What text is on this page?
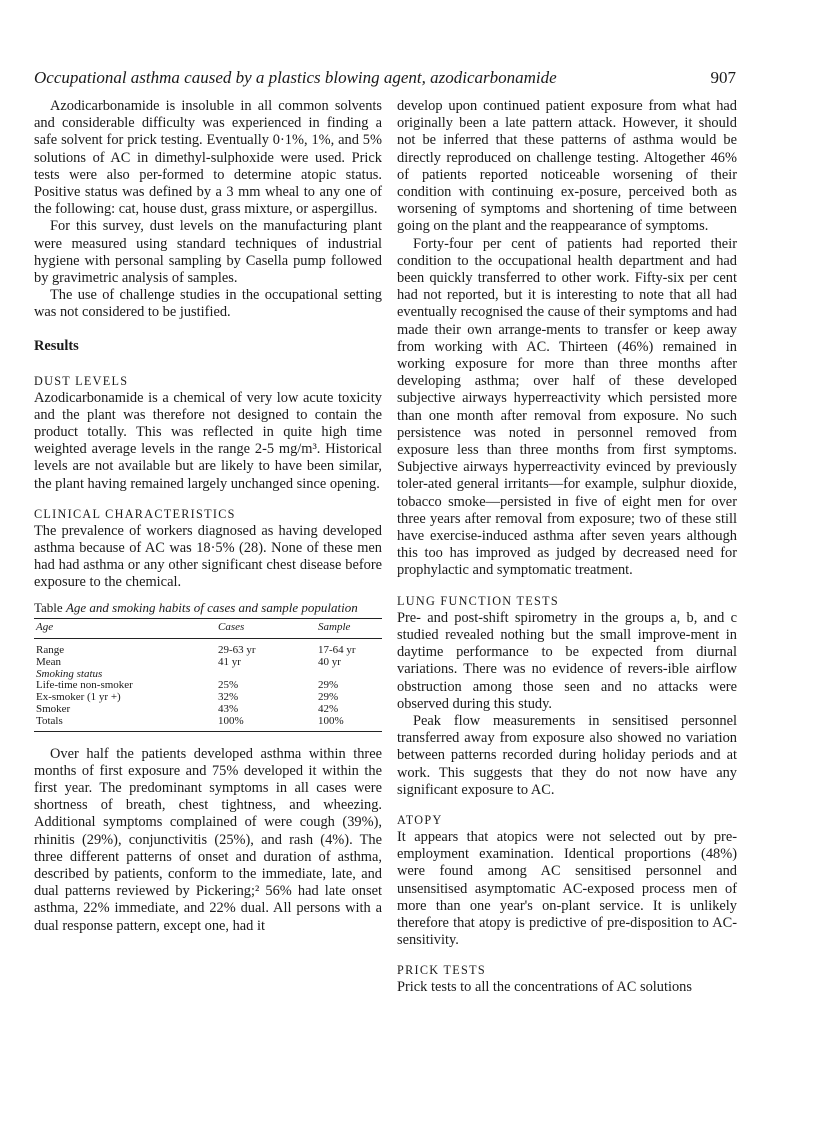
Occupational asthma caused by a plastics blowing agent, azodicarbonamide	907

Azodicarbonamide is insoluble in all common solvents and considerable difficulty was experienced in finding a safe solvent for prick testing. Eventually 0·1%, 1%, and 5% solutions of AC in dimethyl-sulphoxide were used. Prick tests were also per-formed to determine atopic status. Positive status was defined by a 3 mm wheal to any one of the following: cat, house dust, grass mixture, or aspergillus.

For this survey, dust levels on the manufacturing plant were measured using standard techniques of industrial hygiene with personal sampling by Casella pump followed by gravimetric analysis of samples.

The use of challenge studies in the occupational setting was not considered to be justified.

Results
DUST LEVELS

Azodicarbonamide is a chemical of very low acute toxicity and the plant was therefore not designed to contain the product totally. This was reflected in quite high time weighted average levels in the range 2-5 mg/m³. Historical levels are not available but are likely to have been similar, the plant having remained largely unchanged since opening.

CLINICAL CHARACTERISTICS

The prevalence of workers diagnosed as having developed asthma because of AC was 18·5% (28). None of these men had had asthma or any other significant chest disease before exposure to the chemical.

Table Age and smoking habits of cases and sample population
Age	Cases	Sample
Range	29-63 yr	17-64 yr
Mean	41 yr	40 yr
Smoking status		
Life-time non-smoker	25%	29%
Ex-smoker (1 yr +)	32%	29%
Smoker	43%	42%
Totals	100%	100%

Over half the patients developed asthma within three months of first exposure and 75% developed it within the first year. The predominant symptoms in all cases were shortness of breath, chest tightness, and wheezing. Additional symptoms complained of were cough (39%), rhinitis (29%), conjunctivitis (25%), and rash (4%). The three different patterns of onset and duration of asthma, described by patients, conform to the immediate, late, and dual patterns reviewed by Pickering;² 56% had late onset asthma, 22% immediate, and 22% dual. All persons with a dual response pattern, except one, had it

develop upon continued patient exposure from what had originally been a late pattern attack. However, it should not be inferred that these patterns of asthma would be directly reproduced on challenge testing. Altogether 46% of patients reported noticeable worsening of their condition with continuing ex-posure, perceived both as worsening of symptoms and shortening of time between going on the plant and the reappearance of symptoms.

Forty-four per cent of patients had reported their condition to the occupational health department and had been quickly transferred to other work. Fifty-six per cent had not reported, but it is interesting to note that all had eventually recognised the cause of their symptoms and had made their own arrange-ments to transfer or keep away from working with AC. Thirteen (46%) remained in working exposure for more than three months after developing asthma; over half of these developed subjective airways hyperreactivity which persisted more than one month after removal from exposure. No such persistence was noted in personnel removed from exposure less than three months from first symptoms. Subjective airways hyperreactivity evinced by previously toler-ated general irritants—for example, sulphur dioxide, tobacco smoke—persisted in five of eight men for over three years after removal from exposure; two of these still have exercise-induced asthma after seven years although this too has improved as judged by decreased need for prophylactic and symptomatic treatment.

LUNG FUNCTION TESTS

Pre- and post-shift spirometry in the groups a, b, and c studied revealed nothing but the small improve-ment in daytime performance to be expected from diurnal variations. There was no evidence of revers-ible airflow obstruction among those seen and no attacks were observed during this study.

Peak flow measurements in sensitised personnel transferred away from exposure also showed no variation between patterns recorded during holiday periods and at work. This suggests that they do not now have any significant exposure to AC.

ATOPY

It appears that atopics were not selected out by pre-employment examination. Identical proportions (48%) were found among AC sensitised personnel and unsensitised asymptomatic AC-exposed process men of more than one year's on-plant service. It is unlikely therefore that atopy is predictive of pre-disposition to AC-sensitivity.

PRICK TESTS

Prick tests to all the concentrations of AC solutions
